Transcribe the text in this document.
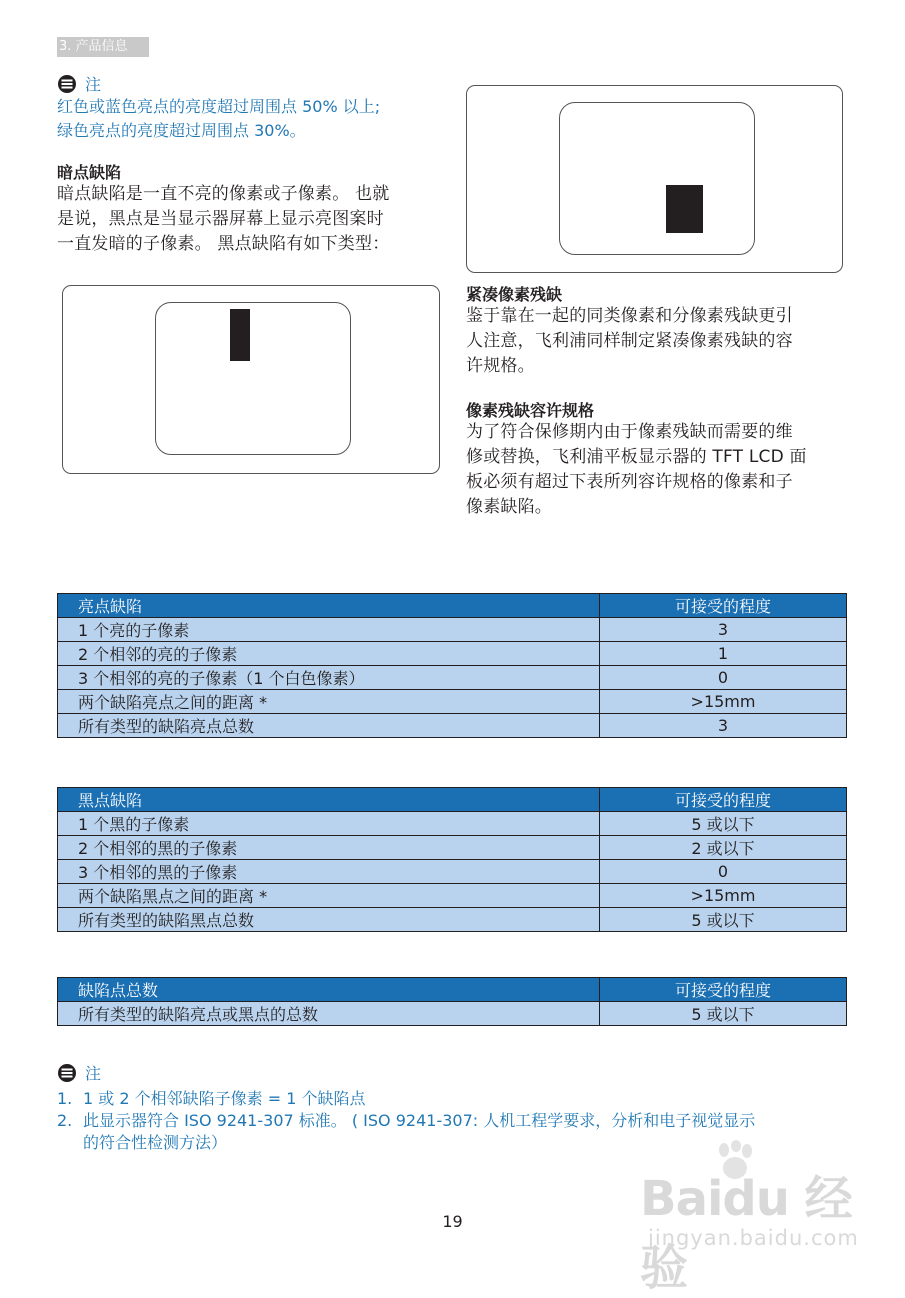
3. 产品信息
注
红色或蓝色亮点的亮度超过周围点 50% 以上;
绿色亮点的亮度超过周围点 30%。
暗点缺陷
暗点缺陷是一直不亮的像素或子像素。 也就
是说，黑点是当显示器屏幕上显示亮图案时
一直发暗的子像素。 黑点缺陷有如下类型：
紧凑像素残缺
鉴于靠在一起的同类像素和分像素残缺更引
人注意，飞利浦同样制定紧凑像素残缺的容
许规格。
像素残缺容许规格
为了符合保修期内由于像素残缺而需要的维
修或替换，飞利浦平板显示器的 TFT LCD 面
板必须有超过下表所列容许规格的像素和子
像素缺陷。
亮点缺陷	可接受的程度
1 个亮的子像素	3
2 个相邻的亮的子像素	1
3 个相邻的亮的子像素（1 个白色像素）	0
两个缺陷亮点之间的距离 *	>15mm
所有类型的缺陷亮点总数	3
黑点缺陷	可接受的程度
1 个黑的子像素	5 或以下
2 个相邻的黑的子像素	2 或以下
3 个相邻的黑的子像素	0
两个缺陷黑点之间的距离 *	>15mm
所有类型的缺陷黑点总数	5 或以下
缺陷点总数	可接受的程度
所有类型的缺陷亮点或黑点的总数	5 或以下
注
1. 1 或 2 个相邻缺陷子像素 = 1 个缺陷点
2. 此显示器符合 ISO 9241-307 标准。 ( ISO 9241-307: 人机工程学要求，分析和电子视觉显示
的符合性检测方法）
19	Baidu 经验
jingyan.baidu.com
